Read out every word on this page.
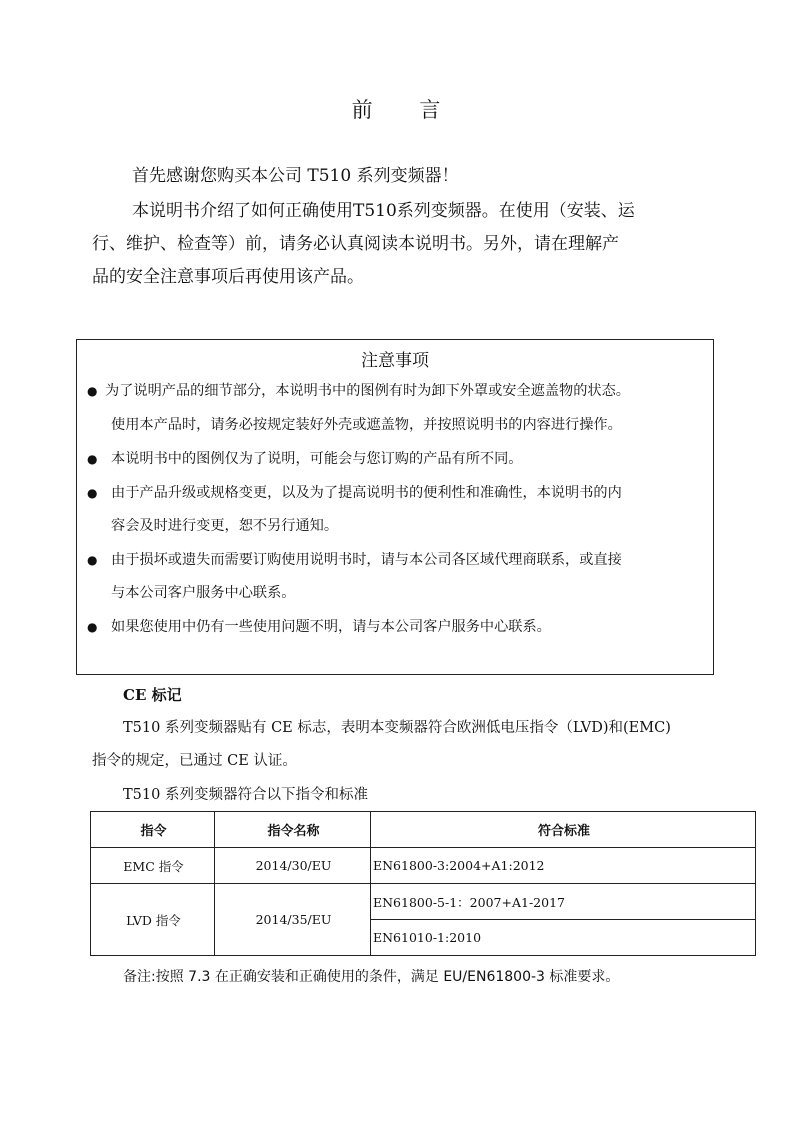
前 言
首先感谢您购买本公司 T510 系列变频器！
本说明书介绍了如何正确使用T510系列变频器。在使用（安装、运
行、维护、检查等）前，请务必认真阅读本说明书。另外，请在理解产
品的安全注意事项后再使用该产品。
注意事项
● 为了说明产品的细节部分，本说明书中的图例有时为卸下外罩或安全遮盖物的状态。
使用本产品时，请务必按规定装好外壳或遮盖物，并按照说明书的内容进行操作。
● 本说明书中的图例仅为了说明，可能会与您订购的产品有所不同。
● 由于产品升级或规格变更，以及为了提高说明书的便利性和准确性，本说明书的内
容会及时进行变更，恕不另行通知。
● 由于损坏或遗失而需要订购使用说明书时，请与本公司各区域代理商联系，或直接
与本公司客户服务中心联系。
● 如果您使用中仍有一些使用问题不明，请与本公司客户服务中心联系。
CE 标记
T510 系列变频器贴有 CE 标志，表明本变频器符合欧洲低电压指令（LVD)和(EMC)
指令的规定，已通过 CE 认证。
T510 系列变频器符合以下指令和标准
指令	指令名称	符合标准
EMC 指令	2014/30/EU	EN61800-3:2004+A1:2012
LVD 指令	2014/35/EU	EN61800-5-1：2007+A1-2017
		EN61010-1:2010
备注:按照 7.3 在正确安装和正确使用的条件，满足 EU/EN61800-3 标准要求。
